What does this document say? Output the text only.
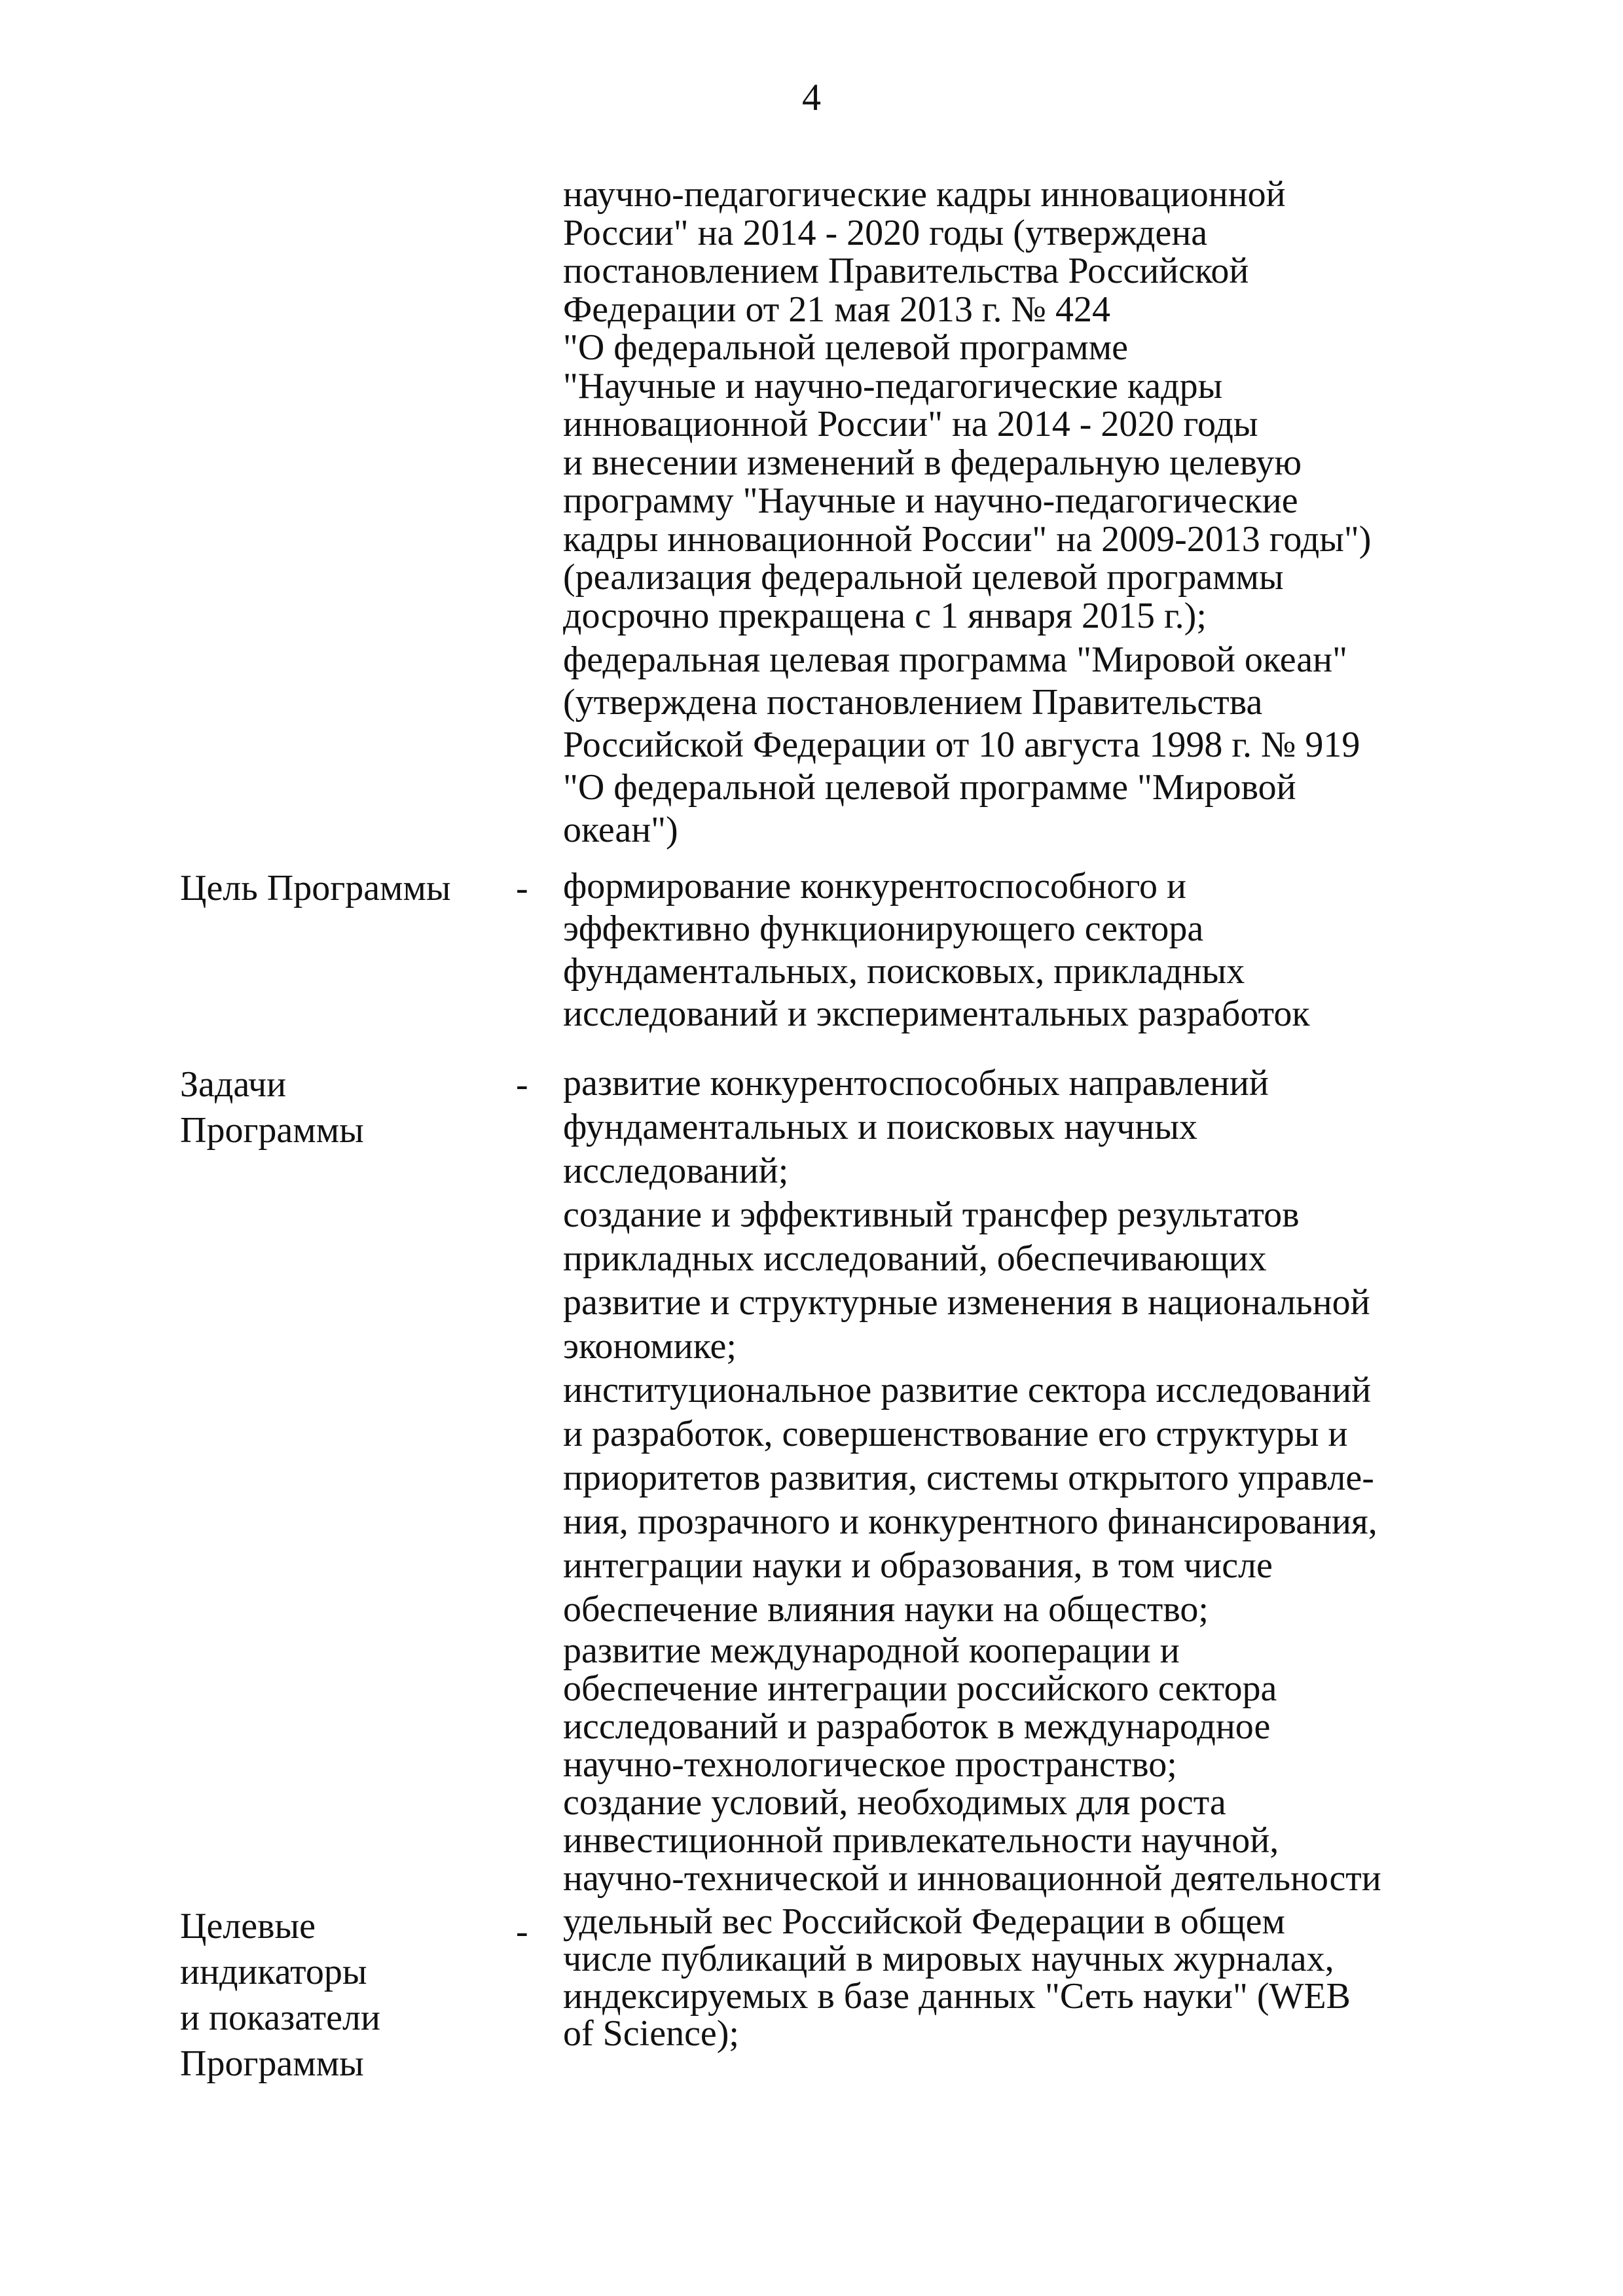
4

научно-педагогические кадры инновационной
России" на 2014 - 2020 годы (утверждена
постановлением Правительства Российской
Федерации от 21 мая 2013 г. № 424
"О федеральной целевой программе
"Научные и научно-педагогические кадры
инновационной России" на 2014 - 2020 годы
и внесении изменений в федеральную целевую
программу "Научные и научно-педагогические
кадры инновационной России" на 2009-2013 годы")
(реализация федеральной целевой программы
досрочно прекращена с 1 января 2015 г.);

федеральная целевая программа "Мировой океан"
(утверждена постановлением Правительства
Российской Федерации от 10 августа 1998 г. № 919
"О федеральной целевой программе "Мировой
океан")

Цель Программы - формирование конкурентоспособного и
эффективно функционирующего сектора
фундаментальных, поисковых, прикладных
исследований и экспериментальных разработок

Задачи
Программы
- развитие конкурентоспособных направлений
фундаментальных и поисковых научных
исследований;

создание и эффективный трансфер результатов
прикладных исследований, обеспечивающих
развитие и структурные изменения в национальной
экономике;

институциональное развитие сектора исследований
и разработок, совершенствование его структуры и
приоритетов развития, системы открытого управле-
ния, прозрачного и конкурентного финансирования,
интеграции науки и образования, в том числе
обеспечение влияния науки на общество;

развитие международной кооперации и
обеспечение интеграции российского сектора
исследований и разработок в международное
научно-технологическое пространство;

создание условий, необходимых для роста
инвестиционной привлекательности научной,
научно-технической и инновационной деятельности

Целевые
индикаторы
и показатели
Программы
- удельный вес Российской Федерации в общем
числе публикаций в мировых научных журналах,
индексируемых в базе данных "Сеть науки" (WEB
of Science);
